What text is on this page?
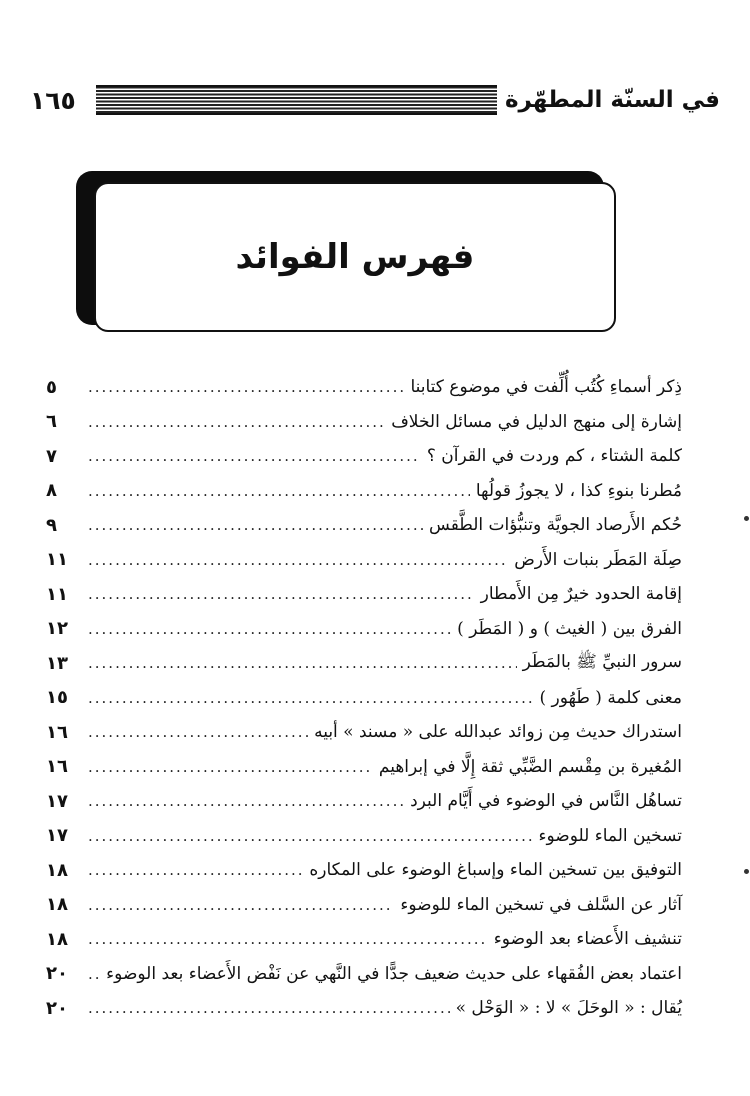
١٦٥	في السنّة المطهّرة
فهرس الفوائد
ذِكر أسماءِ كُتُب أُلِّفت في موضوع كتابنا
.....
٥
إشارة إلى منهج الدليل في مسائل الخلاف
.....
٦
كلمة الشتاء ، كم وردت في القرآن ؟
.....
٧
مُطرنا بنوءِ كذا ، لا يجوزُ قولُها
.....
٨
حُكم الأَرصاد الجويَّة وتنبُّؤات الطَّقس
.....
٩
صِلَة المَطَر بنبات الأَرض
.....
١١
إقامة الحدود خيرٌ مِن الأَمطار
.....
١١
الفرق بين ( الغيث ) و ( المَطَر )
.....
١٢
سرور النبيِّ ﷺ بالمَطَر
.....
١٣
معنى كلمة ( طَهُور )
.....
١٥
استدراك حديث مِن زوائد عبدالله على « مسند » أبيه
.....
١٦
المُغيرة بن مِقْسم الضَّبِّي ثقة إِلَّا في إبراهيم
.....
١٦
تساهُل النَّاس في الوضوء في أَيَّام البرد
.....
١٧
تسخين الماء للوضوء
.....
١٧
التوفيق بين تسخين الماء وإسباغ الوضوء على المكاره
.....
١٨
آثار عن السَّلف في تسخين الماء للوضوء
.....
١٨
تنشيف الأَعضاء بعد الوضوء
.....
١٨
اعتماد بعض الفُقهاء على حديث ضعيف جدًّا في النَّهي عن نَفْض الأَعضاء بعد الوضوء
.....
٢٠
يُقال : « الوحَلَ » لا : « الوَحْل »
.....
٢٠
